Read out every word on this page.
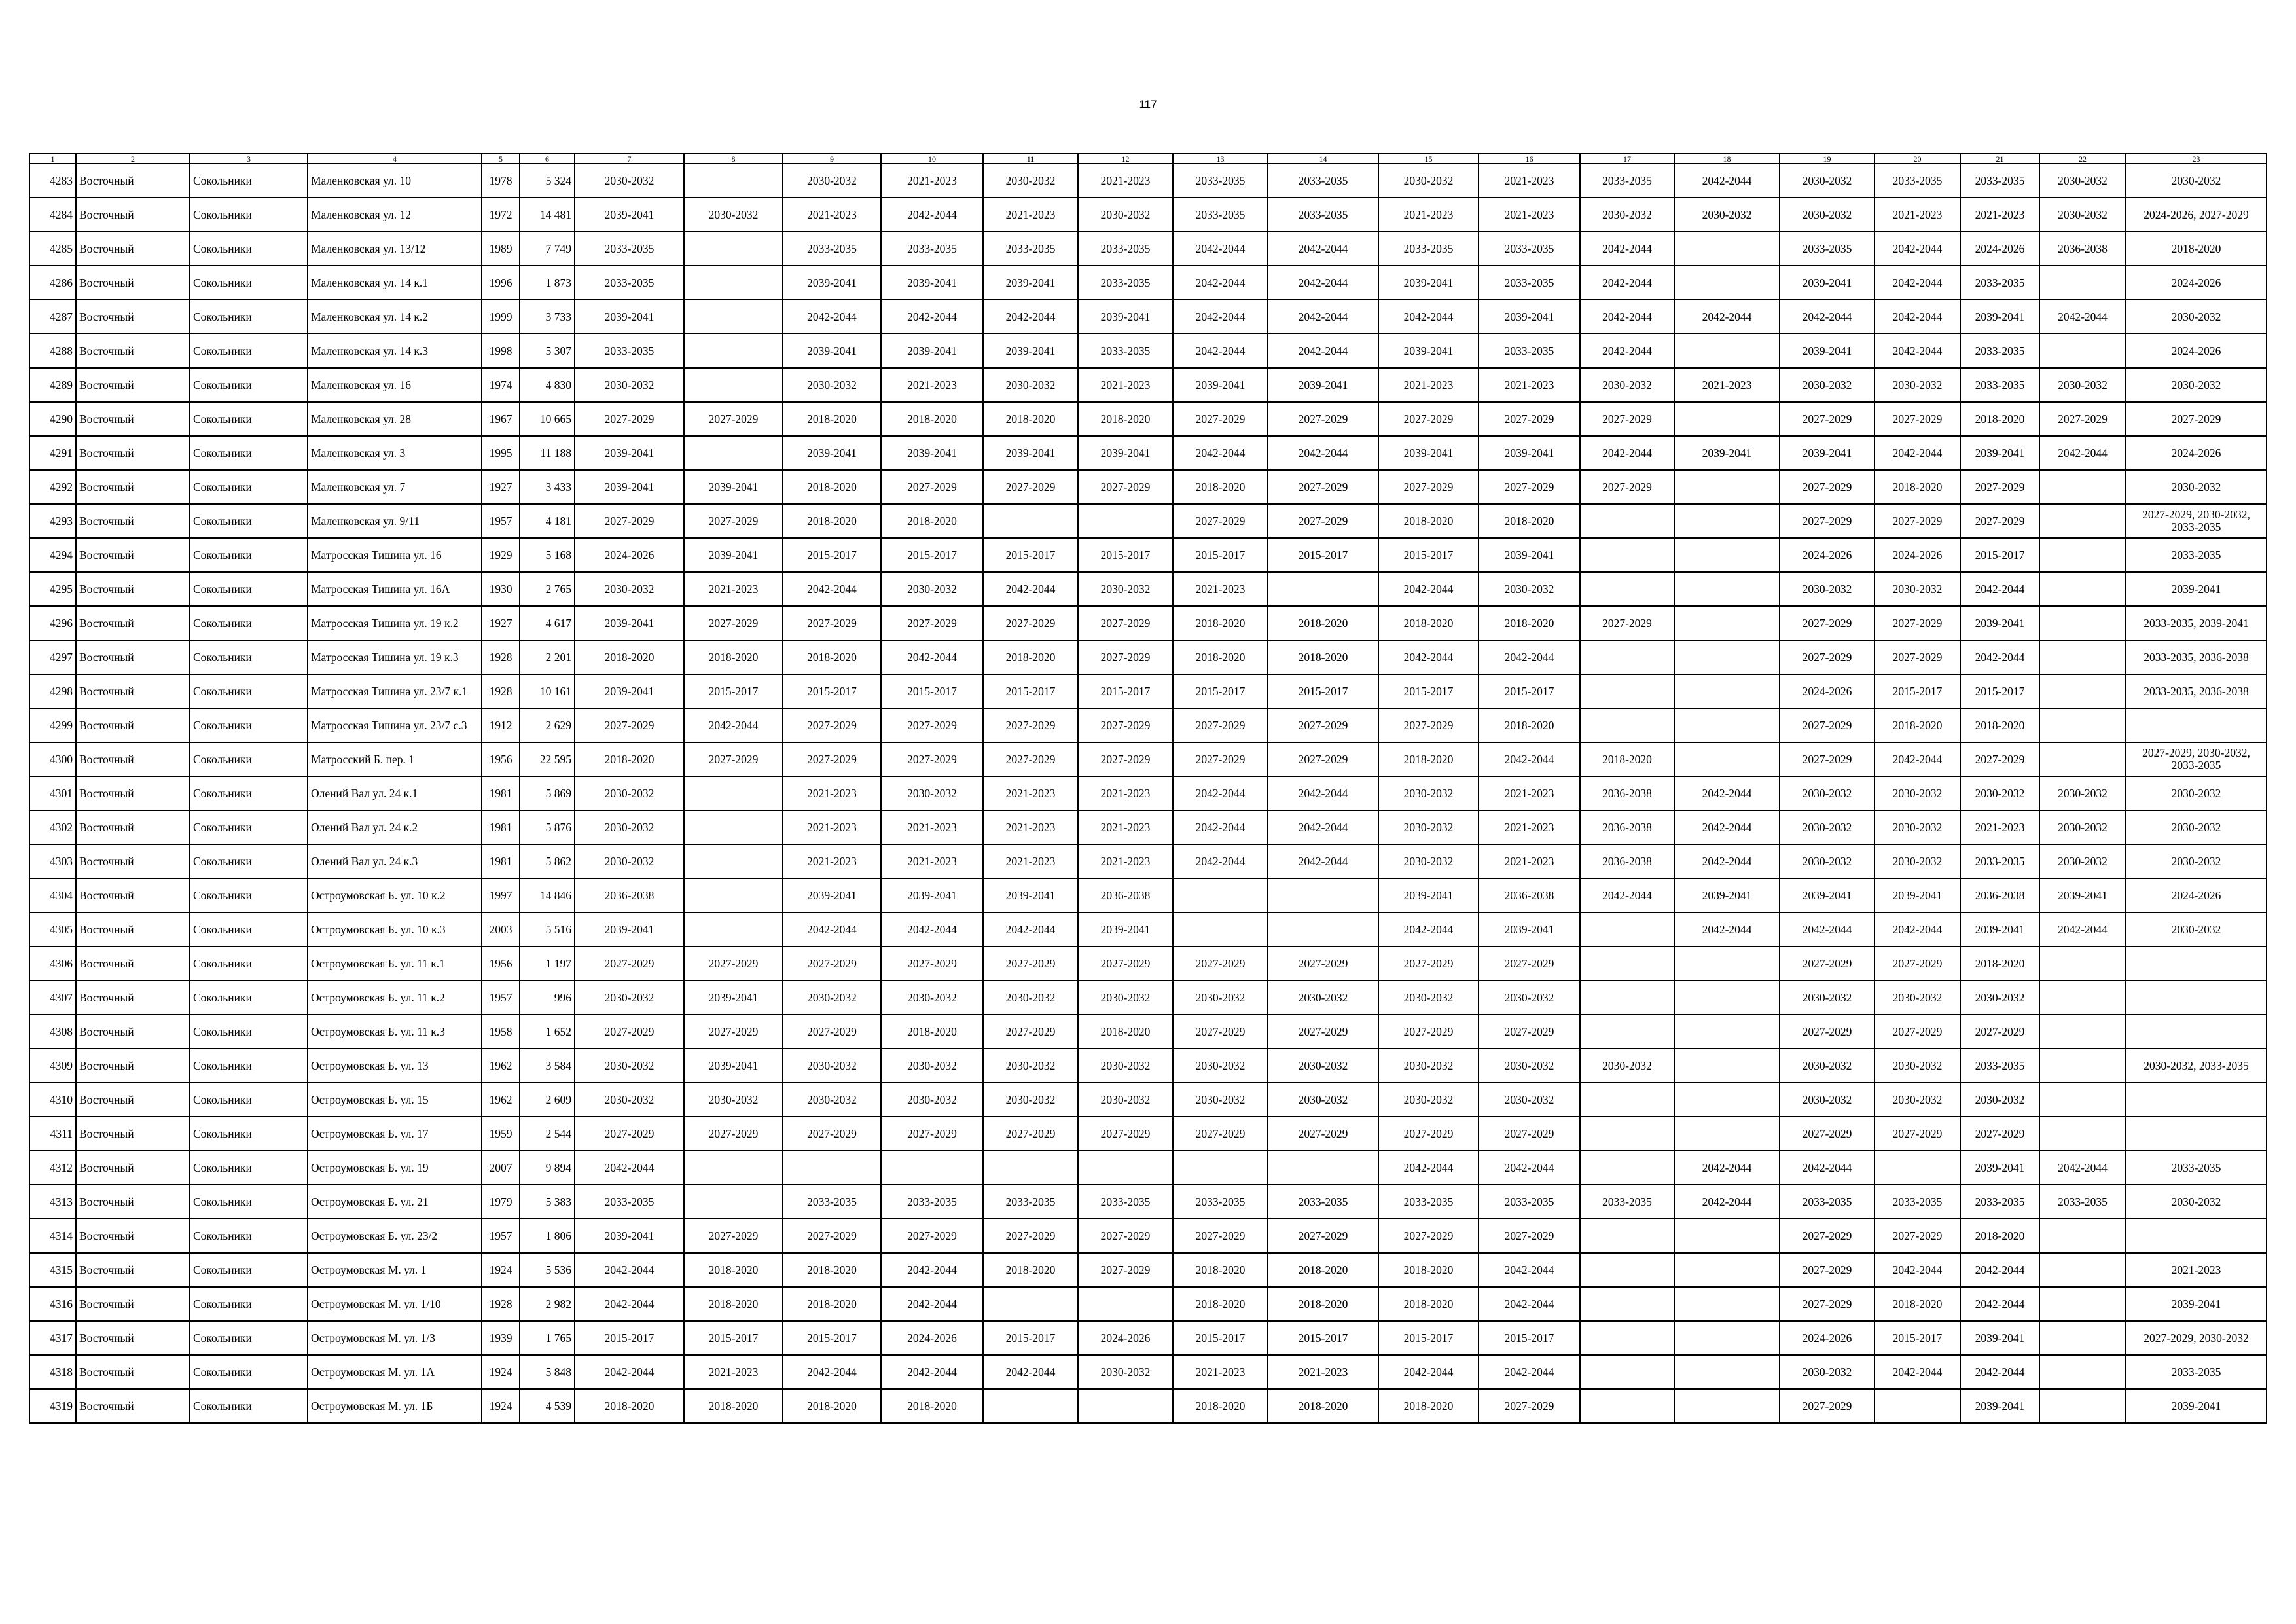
117
1	2	3	4	5	6	7	8	9	10	11	12	13	14	15	16	17	18	19	20	21	22	23
4283	Восточный	Сокольники	Маленковская ул. 10	1978	5 324	2030-2032		2030-2032	2021-2023	2030-2032	2021-2023	2033-2035	2033-2035	2030-2032	2021-2023	2033-2035	2042-2044	2030-2032	2033-2035	2033-2035	2030-2032	2030-2032
4284	Восточный	Сокольники	Маленковская ул. 12	1972	14 481	2039-2041	2030-2032	2021-2023	2042-2044	2021-2023	2030-2032	2033-2035	2033-2035	2021-2023	2021-2023	2030-2032	2030-2032	2030-2032	2021-2023	2021-2023	2030-2032	2024-2026, 2027-2029
4285	Восточный	Сокольники	Маленковская ул. 13/12	1989	7 749	2033-2035		2033-2035	2033-2035	2033-2035	2033-2035	2042-2044	2042-2044	2033-2035	2033-2035	2042-2044		2033-2035	2042-2044	2024-2026	2036-2038	2018-2020
4286	Восточный	Сокольники	Маленковская ул. 14 к.1	1996	1 873	2033-2035		2039-2041	2039-2041	2039-2041	2033-2035	2042-2044	2042-2044	2039-2041	2033-2035	2042-2044		2039-2041	2042-2044	2033-2035		2024-2026
4287	Восточный	Сокольники	Маленковская ул. 14 к.2	1999	3 733	2039-2041		2042-2044	2042-2044	2042-2044	2039-2041	2042-2044	2042-2044	2042-2044	2039-2041	2042-2044	2042-2044	2042-2044	2042-2044	2039-2041	2042-2044	2030-2032
4288	Восточный	Сокольники	Маленковская ул. 14 к.3	1998	5 307	2033-2035		2039-2041	2039-2041	2039-2041	2033-2035	2042-2044	2042-2044	2039-2041	2033-2035	2042-2044		2039-2041	2042-2044	2033-2035		2024-2026
4289	Восточный	Сокольники	Маленковская ул. 16	1974	4 830	2030-2032		2030-2032	2021-2023	2030-2032	2021-2023	2039-2041	2039-2041	2021-2023	2021-2023	2030-2032	2021-2023	2030-2032	2030-2032	2033-2035	2030-2032	2030-2032
4290	Восточный	Сокольники	Маленковская ул. 28	1967	10 665	2027-2029	2027-2029	2018-2020	2018-2020	2018-2020	2018-2020	2027-2029	2027-2029	2027-2029	2027-2029	2027-2029		2027-2029	2027-2029	2018-2020	2027-2029	2027-2029
4291	Восточный	Сокольники	Маленковская ул. 3	1995	11 188	2039-2041		2039-2041	2039-2041	2039-2041	2039-2041	2042-2044	2042-2044	2039-2041	2039-2041	2042-2044	2039-2041	2039-2041	2042-2044	2039-2041	2042-2044	2024-2026
4292	Восточный	Сокольники	Маленковская ул. 7	1927	3 433	2039-2041	2039-2041	2018-2020	2027-2029	2027-2029	2027-2029	2018-2020	2027-2029	2027-2029	2027-2029	2027-2029		2027-2029	2018-2020	2027-2029		2030-2032
4293	Восточный	Сокольники	Маленковская ул. 9/11	1957	4 181	2027-2029	2027-2029	2018-2020	2018-2020			2027-2029	2027-2029	2018-2020	2018-2020			2027-2029	2027-2029	2027-2029		2027-2029, 2030-2032, 2033-2035
4294	Восточный	Сокольники	Матросская Тишина ул. 16	1929	5 168	2024-2026	2039-2041	2015-2017	2015-2017	2015-2017	2015-2017	2015-2017	2015-2017	2015-2017	2039-2041			2024-2026	2024-2026	2015-2017		2033-2035
4295	Восточный	Сокольники	Матросская Тишина ул. 16А	1930	2 765	2030-2032	2021-2023	2042-2044	2030-2032	2042-2044	2030-2032	2021-2023		2042-2044	2030-2032			2030-2032	2030-2032	2042-2044		2039-2041
4296	Восточный	Сокольники	Матросская Тишина ул. 19 к.2	1927	4 617	2039-2041	2027-2029	2027-2029	2027-2029	2027-2029	2027-2029	2018-2020	2018-2020	2018-2020	2018-2020	2027-2029		2027-2029	2027-2029	2039-2041		2033-2035, 2039-2041
4297	Восточный	Сокольники	Матросская Тишина ул. 19 к.3	1928	2 201	2018-2020	2018-2020	2018-2020	2042-2044	2018-2020	2027-2029	2018-2020	2018-2020	2042-2044	2042-2044			2027-2029	2027-2029	2042-2044		2033-2035, 2036-2038
4298	Восточный	Сокольники	Матросская Тишина ул. 23/7 к.1	1928	10 161	2039-2041	2015-2017	2015-2017	2015-2017	2015-2017	2015-2017	2015-2017	2015-2017	2015-2017	2015-2017			2024-2026	2015-2017	2015-2017		2033-2035, 2036-2038
4299	Восточный	Сокольники	Матросская Тишина ул. 23/7 с.3	1912	2 629	2027-2029	2042-2044	2027-2029	2027-2029	2027-2029	2027-2029	2027-2029	2027-2029	2027-2029	2018-2020			2027-2029	2018-2020	2018-2020		
4300	Восточный	Сокольники	Матросский Б. пер. 1	1956	22 595	2018-2020	2027-2029	2027-2029	2027-2029	2027-2029	2027-2029	2027-2029	2027-2029	2018-2020	2042-2044	2018-2020		2027-2029	2042-2044	2027-2029		2027-2029, 2030-2032, 2033-2035
4301	Восточный	Сокольники	Олений Вал ул. 24 к.1	1981	5 869	2030-2032		2021-2023	2030-2032	2021-2023	2021-2023	2042-2044	2042-2044	2030-2032	2021-2023	2036-2038	2042-2044	2030-2032	2030-2032	2030-2032	2030-2032	2030-2032
4302	Восточный	Сокольники	Олений Вал ул. 24 к.2	1981	5 876	2030-2032		2021-2023	2021-2023	2021-2023	2021-2023	2042-2044	2042-2044	2030-2032	2021-2023	2036-2038	2042-2044	2030-2032	2030-2032	2021-2023	2030-2032	2030-2032
4303	Восточный	Сокольники	Олений Вал ул. 24 к.3	1981	5 862	2030-2032		2021-2023	2021-2023	2021-2023	2021-2023	2042-2044	2042-2044	2030-2032	2021-2023	2036-2038	2042-2044	2030-2032	2030-2032	2033-2035	2030-2032	2030-2032
4304	Восточный	Сокольники	Остроумовская Б. ул. 10 к.2	1997	14 846	2036-2038		2039-2041	2039-2041	2039-2041	2036-2038			2039-2041	2036-2038	2042-2044	2039-2041	2039-2041	2039-2041	2036-2038	2039-2041	2024-2026
4305	Восточный	Сокольники	Остроумовская Б. ул. 10 к.3	2003	5 516	2039-2041		2042-2044	2042-2044	2042-2044	2039-2041			2042-2044	2039-2041		2042-2044	2042-2044	2042-2044	2039-2041	2042-2044	2030-2032
4306	Восточный	Сокольники	Остроумовская Б. ул. 11 к.1	1956	1 197	2027-2029	2027-2029	2027-2029	2027-2029	2027-2029	2027-2029	2027-2029	2027-2029	2027-2029	2027-2029			2027-2029	2027-2029	2018-2020		
4307	Восточный	Сокольники	Остроумовская Б. ул. 11 к.2	1957	996	2030-2032	2039-2041	2030-2032	2030-2032	2030-2032	2030-2032	2030-2032	2030-2032	2030-2032	2030-2032			2030-2032	2030-2032	2030-2032		
4308	Восточный	Сокольники	Остроумовская Б. ул. 11 к.3	1958	1 652	2027-2029	2027-2029	2027-2029	2018-2020	2027-2029	2018-2020	2027-2029	2027-2029	2027-2029	2027-2029			2027-2029	2027-2029	2027-2029		
4309	Восточный	Сокольники	Остроумовская Б. ул. 13	1962	3 584	2030-2032	2039-2041	2030-2032	2030-2032	2030-2032	2030-2032	2030-2032	2030-2032	2030-2032	2030-2032	2030-2032		2030-2032	2030-2032	2033-2035		2030-2032, 2033-2035
4310	Восточный	Сокольники	Остроумовская Б. ул. 15	1962	2 609	2030-2032	2030-2032	2030-2032	2030-2032	2030-2032	2030-2032	2030-2032	2030-2032	2030-2032	2030-2032			2030-2032	2030-2032	2030-2032		
4311	Восточный	Сокольники	Остроумовская Б. ул. 17	1959	2 544	2027-2029	2027-2029	2027-2029	2027-2029	2027-2029	2027-2029	2027-2029	2027-2029	2027-2029	2027-2029			2027-2029	2027-2029	2027-2029		
4312	Восточный	Сокольники	Остроумовская Б. ул. 19	2007	9 894	2042-2044								2042-2044	2042-2044		2042-2044	2042-2044		2039-2041	2042-2044	2033-2035
4313	Восточный	Сокольники	Остроумовская Б. ул. 21	1979	5 383	2033-2035		2033-2035	2033-2035	2033-2035	2033-2035	2033-2035	2033-2035	2033-2035	2033-2035	2033-2035	2042-2044	2033-2035	2033-2035	2033-2035	2033-2035	2030-2032
4314	Восточный	Сокольники	Остроумовская Б. ул. 23/2	1957	1 806	2039-2041	2027-2029	2027-2029	2027-2029	2027-2029	2027-2029	2027-2029	2027-2029	2027-2029	2027-2029			2027-2029	2027-2029	2018-2020		
4315	Восточный	Сокольники	Остроумовская М. ул. 1	1924	5 536	2042-2044	2018-2020	2018-2020	2042-2044	2018-2020	2027-2029	2018-2020	2018-2020	2018-2020	2042-2044			2027-2029	2042-2044	2042-2044		2021-2023
4316	Восточный	Сокольники	Остроумовская М. ул. 1/10	1928	2 982	2042-2044	2018-2020	2018-2020	2042-2044			2018-2020	2018-2020	2018-2020	2042-2044			2027-2029	2018-2020	2042-2044		2039-2041
4317	Восточный	Сокольники	Остроумовская М. ул. 1/3	1939	1 765	2015-2017	2015-2017	2015-2017	2024-2026	2015-2017	2024-2026	2015-2017	2015-2017	2015-2017	2015-2017			2024-2026	2015-2017	2039-2041		2027-2029, 2030-2032
4318	Восточный	Сокольники	Остроумовская М. ул. 1А	1924	5 848	2042-2044	2021-2023	2042-2044	2042-2044	2042-2044	2030-2032	2021-2023	2021-2023	2042-2044	2042-2044			2030-2032	2042-2044	2042-2044		2033-2035
4319	Восточный	Сокольники	Остроумовская М. ул. 1Б	1924	4 539	2018-2020	2018-2020	2018-2020	2018-2020			2018-2020	2018-2020	2018-2020	2027-2029			2027-2029		2039-2041		2039-2041
